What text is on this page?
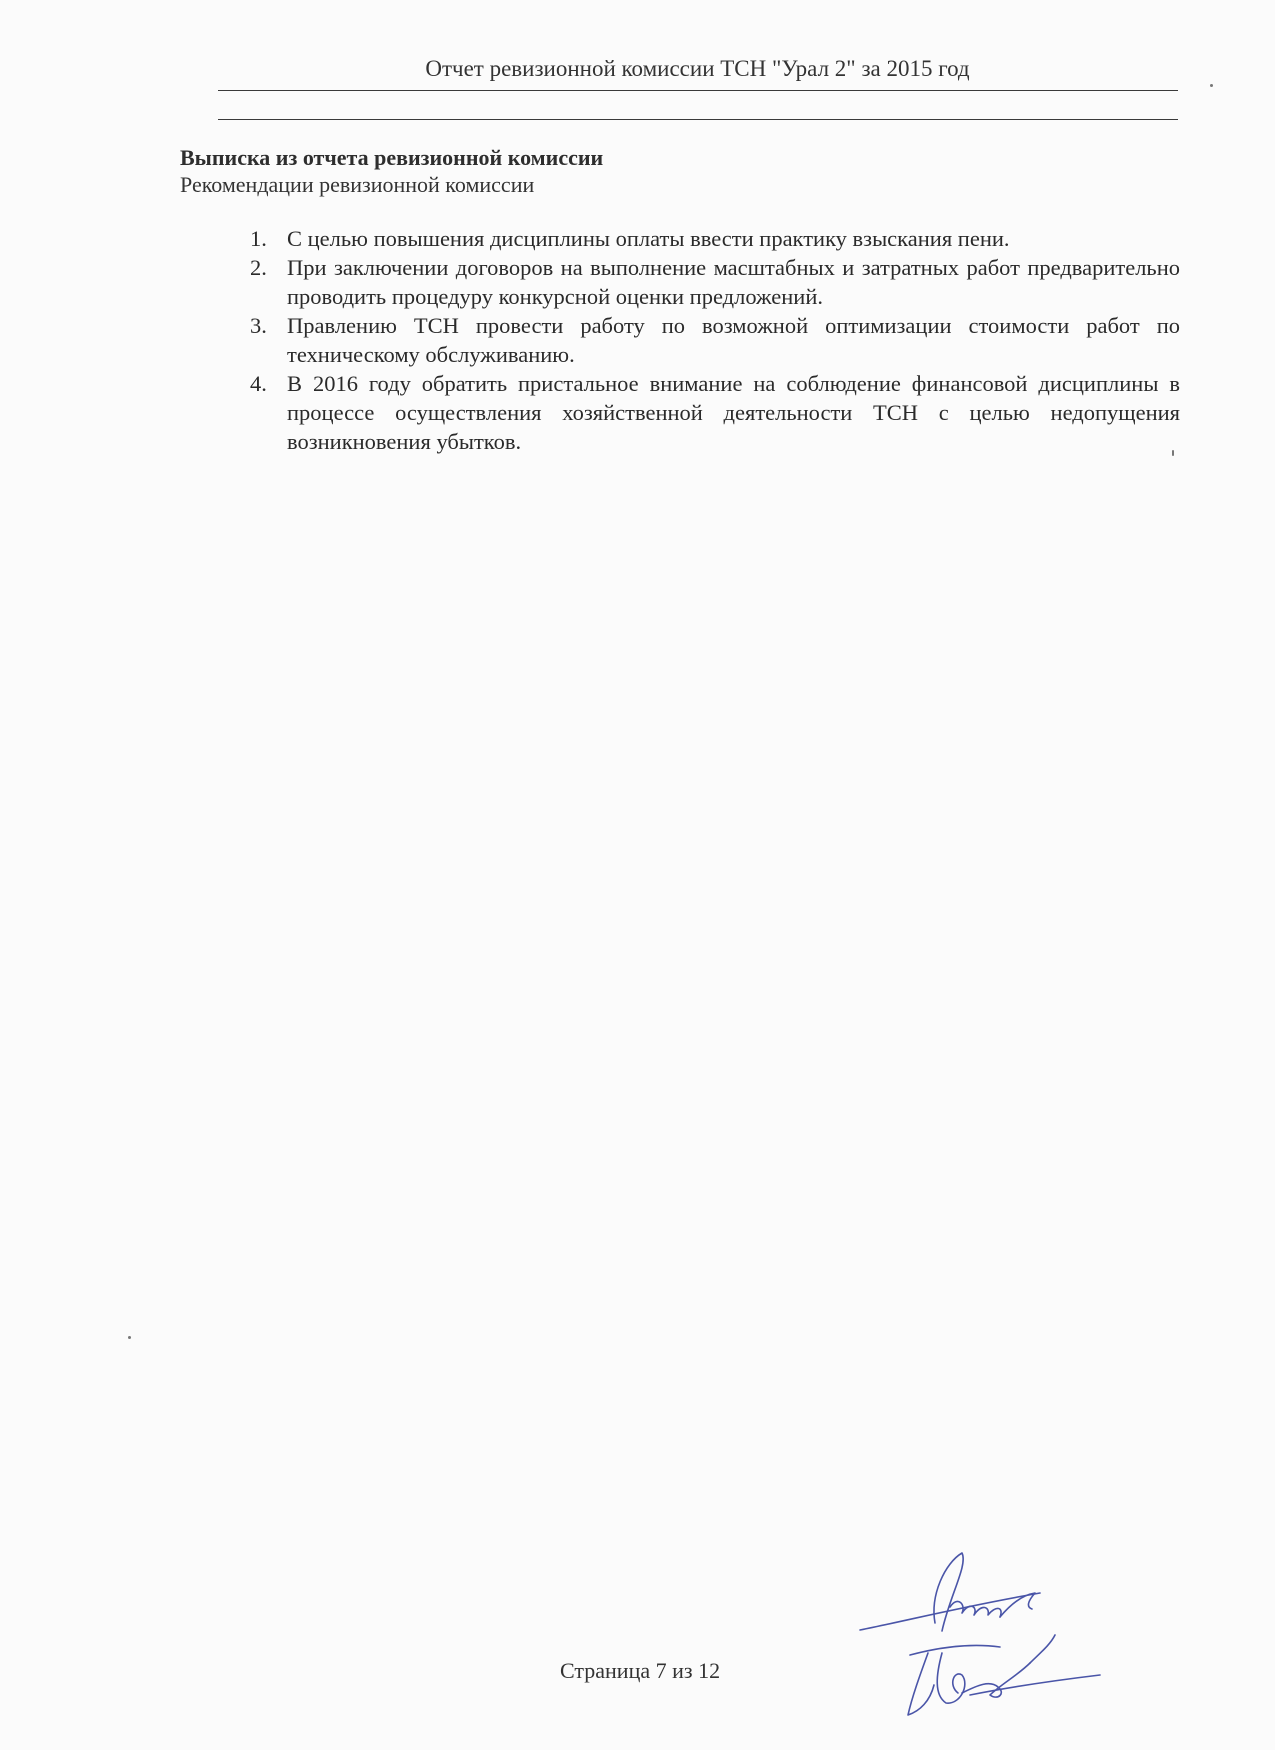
Отчет ревизионной комиссии ТСН "Урал 2" за 2015 год
Выписка из отчета ревизионной комиссии
Рекомендации ревизионной комиссии
1. С целью повышения дисциплины оплаты ввести практику взыскания пени.
2. При заключении договоров на выполнение масштабных и затратных работ предварительно проводить процедуру конкурсной оценки предложений.
3. Правлению ТСН провести работу по возможной оптимизации стоимости работ по техническому обслуживанию.
4. В 2016 году обратить пристальное внимание на соблюдение финансовой дисциплины в процессе осуществления хозяйственной деятельности ТСН с целью недопущения возникновения убытков.
Страница 7 из 12
